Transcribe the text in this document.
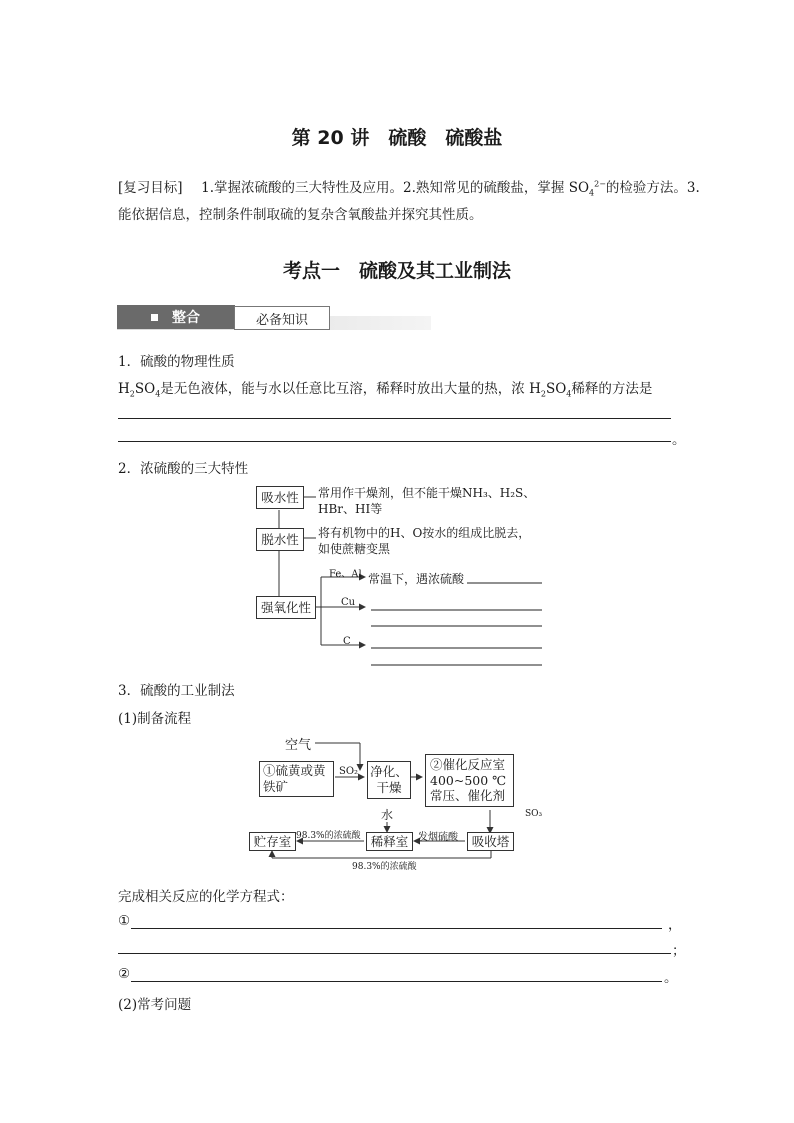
第 20 讲　硫酸　硫酸盐
[复习目标] 1.掌握浓硫酸的三大特性及应用。2.熟知常见的硫酸盐，掌握 $SO_4^{2-}$的检验方法。3.
能依据信息，控制条件制取硫的复杂含氧酸盐并探究其性质。
考点一　硫酸及其工业制法
整合	必备知识
1．硫酸的物理性质
$H_2SO_4$是无色液体，能与水以任意比互溶，稀释时放出大量的热，浓 $H_2SO_4$稀释的方法是
。
2．浓硫酸的三大特性
吸水性
脱水性
强氧化性
常用作干燥剂，但不能干燥NH₃、H₂S、
HBr、HI等
将有机物中的H、O按水的组成比脱去，
如使蔗糖变黑
Fe、Al 常温下，遇浓硫酸
Cu
C
3．硫酸的工业制法
(1)制备流程
空气
①硫黄或黄
铁矿
SO₂ 净化、
干燥
②催化反应室
400~500 ℃
常压、催化剂
SO₃
水
贮存室	稀释室	吸收塔
98.3%的浓硫酸	发烟硫酸
98.3%的浓硫酸
完成相关反应的化学方程式：
①	，
；
②	。
(2)常考问题
